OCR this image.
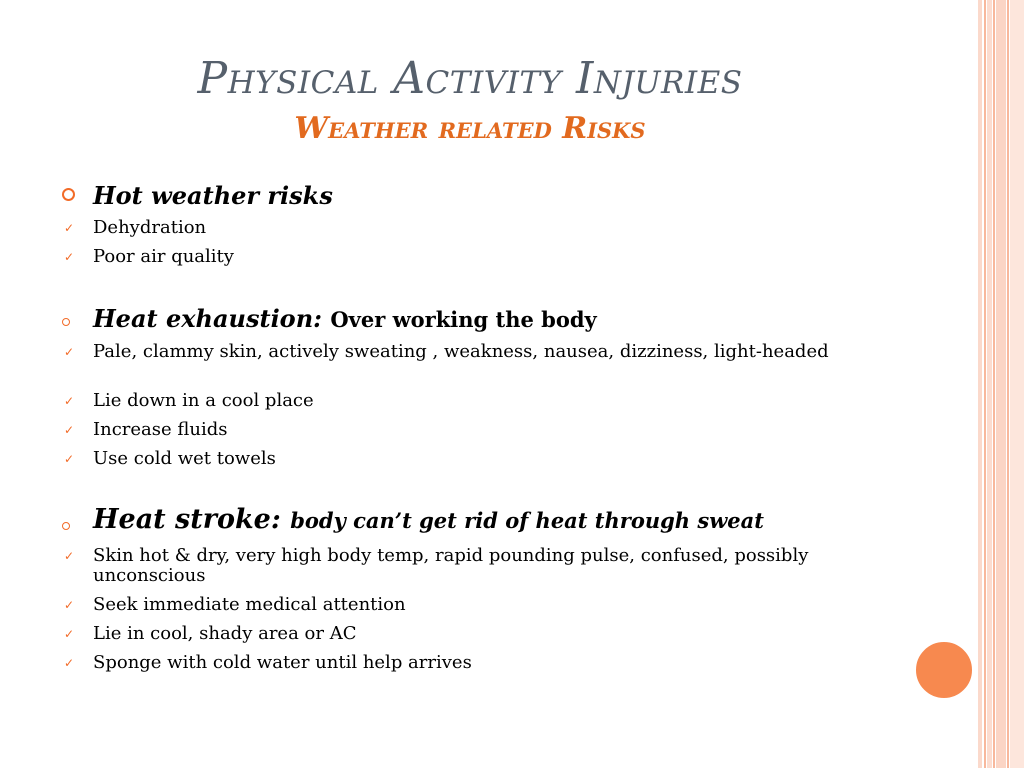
Physical Activity Injuries
Weather related Risks
Hot weather risks
✓ Dehydration
✓ Poor air quality
Heat exhaustion: Over working the body
✓ Pale, clammy skin, actively sweating , weakness, nausea, dizziness, light-headed
✓ Lie down in a cool place
✓ Increase fluids
✓ Use cold wet towels
Heat stroke: body can’t get rid of heat through sweat
✓ Skin hot & dry, very high body temp, rapid pounding pulse, confused, possibly unconscious
✓ Seek immediate medical attention
✓ Lie in cool, shady area or AC
✓ Sponge with cold water until help arrives
